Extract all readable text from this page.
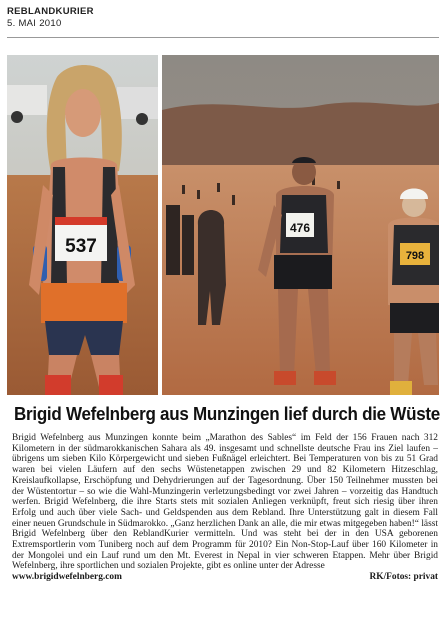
REBLANDKURIER
5. MAI 2010
537
476
798
Brigid Wefelnberg aus Munzingen lief durch die Wüste

Brigid Wefelnberg aus Munzingen konnte beim „Marathon des Sables“ im Feld der 156 Frauen nach 312 Kilometern in der südmarokkanischen Sahara als 49. insgesamt und schnellste deutsche Frau ins Ziel laufen – übrigens um sieben Kilo Körpergewicht und sieben Fußnägel erleichtert. Bei Temperaturen von bis zu 51 Grad waren bei vielen Läufern auf den sechs Wüstenetappen zwischen 29 und 82 Kilometern Hitzeschlag, Kreislaufkollapse, Erschöpfung und Dehydrierungen auf der Tagesordnung. Über 150 Teilnehmer mussten bei der Wüstentortur – so wie die Wahl-Munzingerin verletzungsbedingt vor zwei Jahren – vorzeitig das Handtuch werfen. Brigid Wefelnberg, die ihre Starts stets mit sozialen Anliegen verknüpft, freut sich riesig über ihren Erfolg und auch über viele Sach- und Geldspenden aus dem Rebland. Ihre Unterstützung galt in diesem Fall einer neuen Grundschule in Südmarokko. „Ganz herzlichen Dank an alle, die mir etwas mitgegeben haben!“ lässt Brigid Wefelnberg über den ReblandKurier vermitteln. Und was steht bei der in den USA geborenen Extremsportlerin vom Tuniberg noch auf dem Programm für 2010? Ein Non-Stop-Lauf über 160 Kilometer in der Mongolei und ein Lauf rund um den Mt. Everest in Nepal in vier schweren Etappen. Mehr über Brigid Wefelnberg, ihre sportlichen und sozialen Projekte, gibt es online unter der Adresse

www.brigidwefelnberg.com	RK/Fotos: privat
